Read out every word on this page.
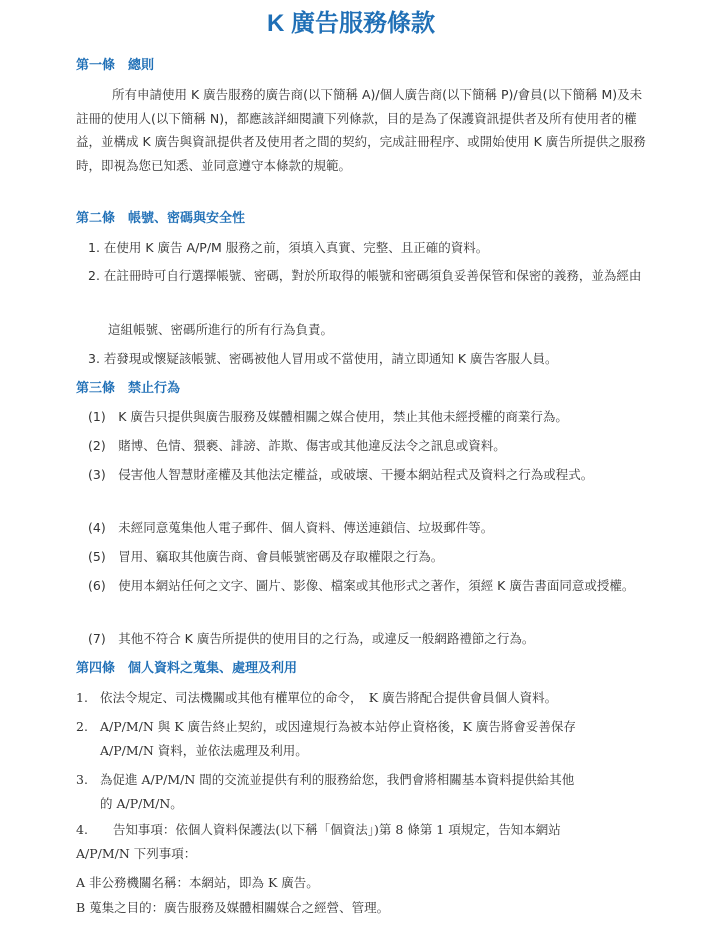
K 廣告服務條款
第一條　總則
所有申請使用 K 廣告服務的廣告商(以下簡稱 A)/個人廣告商(以下簡稱 P)/會員(以下簡稱 M)及未註冊的使用人(以下簡稱 N)，都應該詳細閱讀下列條款，目的是為了保護資訊提供者及所有使用者的權益，並構成 K 廣告與資訊提供者及使用者之間的契約，完成註冊程序、或開始使用 K 廣告所提供之服務時，即視為您已知悉、並同意遵守本條款的規範。
第二條　帳號、密碼與安全性
1. 在使用 K 廣告 A/P/M 服務之前，須填入真實、完整、且正確的資料。
2. 在註冊時可自行選擇帳號、密碼，對於所取得的帳號和密碼須負妥善保管和保密的義務，並為經由
這組帳號、密碼所進行的所有行為負責。
3. 若發現或懷疑該帳號、密碼被他人冒用或不當使用，請立即通知 K 廣告客服人員。
第三條　禁止行為
(1)　K 廣告只提供與廣告服務及媒體相關之媒合使用，禁止其他未經授權的商業行為。
(2)　賭博、色情、猥褻、誹謗、詐欺、傷害或其他違反法令之訊息或資料。
(3)　侵害他人智慧財產權及其他法定權益，或破壞、干擾本網站程式及資料之行為或程式。
(4)　未經同意蒐集他人電子郵件、個人資料、傳送連鎖信、垃圾郵件等。
(5)　冒用、竊取其他廣告商、會員帳號密碼及存取權限之行為。
(6)　使用本網站任何之文字、圖片、影像、檔案或其他形式之著作，須經 K 廣告書面同意或授權。
(7)　其他不符合 K 廣告所提供的使用目的之行為，或違反一般網路禮節之行為。
第四條　個人資料之蒐集、處理及利用
1. 依法令規定、司法機關或其他有權單位的命令，　K 廣告將配合提供會員個人資料。
2. A/P/M/N 與 K 廣告終止契約，或因違規行為被本站停止資格後，K 廣告將會妥善保存
A/P/M/N 資料，並依法處理及利用。
3. 為促進 A/P/M/N 間的交流並提供有利的服務給您，我們會將相關基本資料提供給其他
的 A/P/M/N。
4.　　告知事項：依個人資料保護法(以下稱「個資法」)第 8 條第 1 項規定，告知本網站
A/P/M/N 下列事項：
A 非公務機關名稱：本網站，即為 K 廣告。
B 蒐集之目的：廣告服務及媒體相關媒合之經營、管理。
